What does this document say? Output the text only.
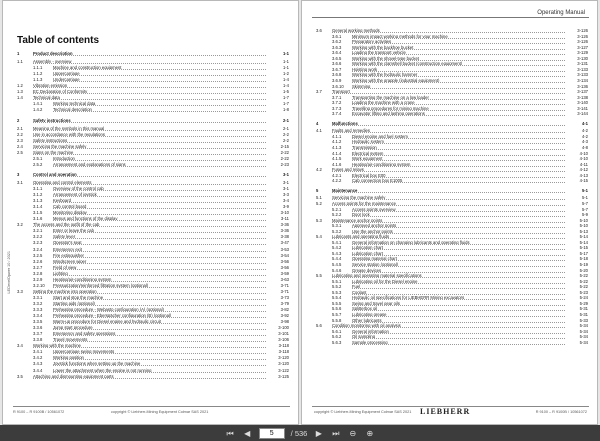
Table of contents
1	Product description	1-1
1.1 Assembly - overview	1-1
1.1.1	Machine and construction equipment	1-1
1.1.2	Uppercarriage	1-2
1.1.3	Undercarriage	1-4
1.2 Vibration emission	1-4
1.3 EC Declaration of Conformity	1-5
1.4 Technical data	1-7
1.4.1	Working technical data	1-7
1.4.2	Technical description	1-8
2	Safety instructions	2-1
2.1 Meaning of the symbols in this manual	2-1
2.2 Use in accordance with the regulations	2-2
2.3 Safety instructions	2-2
2.4 Servicing the machine safely	2-15
2.5 Signs on the machine	2-22
2.5.1	Introduction	2-22
2.5.2	Arrangement and explanations of signs	2-23
3	Control and operation	3-1
3.1 Operating and control elements	3-1
3.1.1	Overview of the control cab	3-1
3.1.2	Arrangement of joystick	3-3
3.1.3	Keyboard	3-4
3.1.4	Cab control board	3-9
3.1.5	Monitoring display	3-10
3.1.6	Menus and functions of the display	3-11
3.2 The access and the outfit of the cab	3-36
3.2.1	Enter or leave the cab	3-36
3.2.2	Safety lever	3-38
3.2.3	Operator's seat	3-47
3.2.4	Emergency exit	3-53
3.2.5	Fire extinguisher	3-54
3.2.6	Windscreen wiper	3-56
3.2.7	Field of view	3-56
3.2.8	Lighting	3-59
3.2.9	Heating/air-conditioning system	3-63
3.2.10 Pressurization/reinforced filtration system (optional)	3-71
3.3 Setting the machine into operation	3-71
3.3.1	Start and stop the machine	3-73
3.3.2	Starting aids (optional)	3-79
3.3.3	Preheating procedure - Webasto configuration (A) (optional)	3-82
3.3.4	Preheating procedure - Eberspächer configuration (B) (optional)	3-92
3.3.5	Warm-up procedure for Diesel engine and hydraulic circuit	3-98
3.3.6	Jump start procedure	3-100
3.3.7	Emergency and safety operations	3-101
3.3.8	Travel movements	3-106
3.4 Working with the machine	3-118
3.4.1	Uppercarriage swing movements	3-118
3.4.2	Working position	3-120
3.4.3	Joystick functions when setting up the machine	3-120
3.4.4	Lower the attachment when the engine is not running	3-122
3.5 Attaching and dismounting equipment parts	3-125
LEDevelOpwer 10 / 2021
R 9100 – R 9100B / 10561072	copyright © Liebherr-Mining Equipment Colmar SAS 2021
Operating Manual
3.6 General working methods	3-126
3.6.1	Minimum impact working methods for your machine	3-126
3.6.2	Preparatory activities	3-126
3.6.3	Working with the backhoe bucket	3-127
3.6.4	Loading the transport vehicle	3-129
3.6.5	Working with the shovel-type bucket	3-130
3.6.6	Working with the clamshell bucket (construction equipment)	3-131
3.6.7	Hoisting work	3-133
3.6.8	Working with the hydraulic hammer	3-133
3.6.9	Working with the grapple (industrial equipment)	3-134
3.6.10 Skimming	3-136
3.7 Transport	3-137
3.7.1	Transporting the machine on a low loader	3-138
3.7.2	Loading the machine with a crane	3-140
3.7.3	Travelling procedures for mining machine	3-141
3.7.4	Excavator lifting and lashing operations	3-144
4	Malfunctions	4-1
4.1 Faults and remedies	4-2
4.1.1	Diesel engine and fuel system	4-2
4.1.2	Hydraulic system	4-3
4.1.3	Transmission	4-8
4.1.4	Electrical system	4-10
4.1.5	Work equipment	4-10
4.1.6	Heating/air-conditioning system	4-11
4.2 Fuses and relays	4-12
4.2.1	Electrical box E00	4-13
4.2.2	Cab connection box E1005	4-15
5	Maintenance	5-1
5.1 Servicing the machine safely	5-1
5.2 Access points for the maintenance	5-7
5.2.1	Access points overview	5-7
5.2.2	Door lock	5-9
5.3 Maintenance anchor points	5-10
5.3.1	Approved anchor points	5-10
5.3.2	Use the anchor points	5-13
5.4 Lubricants and operating fluids	5-14
5.4.1	General information on changing lubricants and operating fluids	5-14
5.4.2	Lubrication chart	5-15
5.4.3	Lubrication chart	5-17
5.4.4	Operating material chart	5-18
5.4.5	Service station (optional)	5-19
5.4.6	Grease devices	5-20
5.5 Lubricating and operating material specifications	5-22
5.5.1	Lubricating oil for the Diesel engine	5-22
5.5.2	Fuel	5-22
5.5.3	Coolant	5-23
5.5.4	Hydraulic oil specifications for LIEBHERR Mining excavators	5-24
5.5.5	Swing and travel gear oils	5-29
5.5.6	Splitterbox oil	5-31
5.5.7	Lubricating grease	5-31
5.5.8	Other lubricants	5-33
5.6 Condition monitoring with oil analysis	5-34
5.6.1	General information	5-34
5.6.2	Oil sampling	5-34
5.6.3	Sample processing	5-34
copyright © Liebherr-Mining Equipment Colmar SAS 2021 LIEBHERR	R 9100 – R 9100B / 10561072
⏮	◀
5	/ 536	▶	⏭ ⊖ ⊕
